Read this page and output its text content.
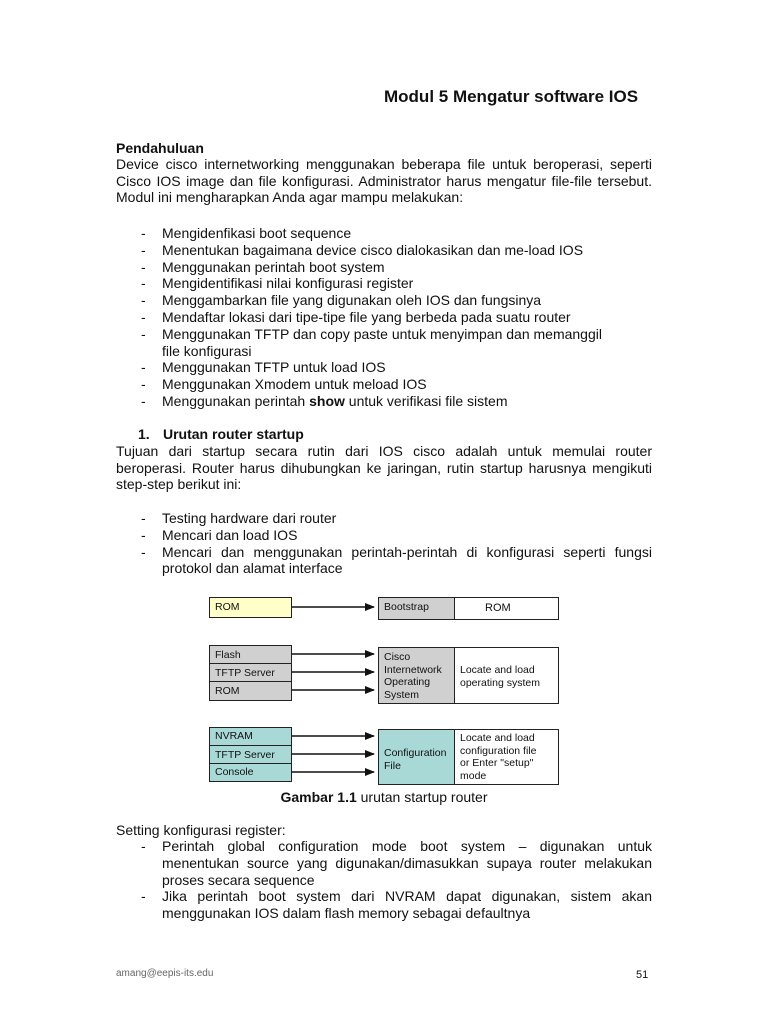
Modul 5 Mengatur software IOS
Pendahuluan
Device cisco internetworking menggunakan beberapa file untuk beroperasi, seperti Cisco IOS image dan file konfigurasi. Administrator harus mengatur file-file tersebut. Modul ini mengharapkan Anda agar mampu melakukan:
- Mengidenfikasi boot sequence
- Menentukan bagaimana device cisco dialokasikan dan me-load IOS
- Menggunakan perintah boot system
- Mengidentifikasi nilai konfigurasi register
- Menggambarkan file yang digunakan oleh IOS dan fungsinya
- Mendaftar lokasi dari tipe-tipe file yang berbeda pada suatu router
- Menggunakan TFTP dan copy paste untuk menyimpan dan memanggil
file konfigurasi
- Menggunakan TFTP untuk load IOS
- Menggunakan Xmodem untuk meload IOS
- Menggunakan perintah show untuk verifikasi file sistem
1. Urutan router startup
Tujuan dari startup secara rutin dari IOS cisco adalah untuk memulai router beroperasi. Router harus dihubungkan ke jaringan, rutin startup harusnya mengikuti step-step berikut ini:
- Testing hardware dari router
- Mencari dan load IOS
- Mencari dan menggunakan perintah-perintah di konfigurasi seperti fungsi protokol dan alamat interface
ROM	Bootstrap	ROM
Flash
TFTP Server
ROM
Cisco
Internetwork
Operating
System
Locate and load
operating system
NVRAM
TFTP Server
Console
Configuration
File
Locate and load
configuration file
or Enter "setup"
mode
Gambar 1.1 urutan startup router
Setting konfigurasi register:
- Perintah global configuration mode boot system – digunakan untuk menentukan source yang digunakan/dimasukkan supaya router melakukan proses secara sequence
- Jika perintah boot system dari NVRAM dapat digunakan, sistem akan menggunakan IOS dalam flash memory sebagai defaultnya
amang@eepis-its.edu	51
